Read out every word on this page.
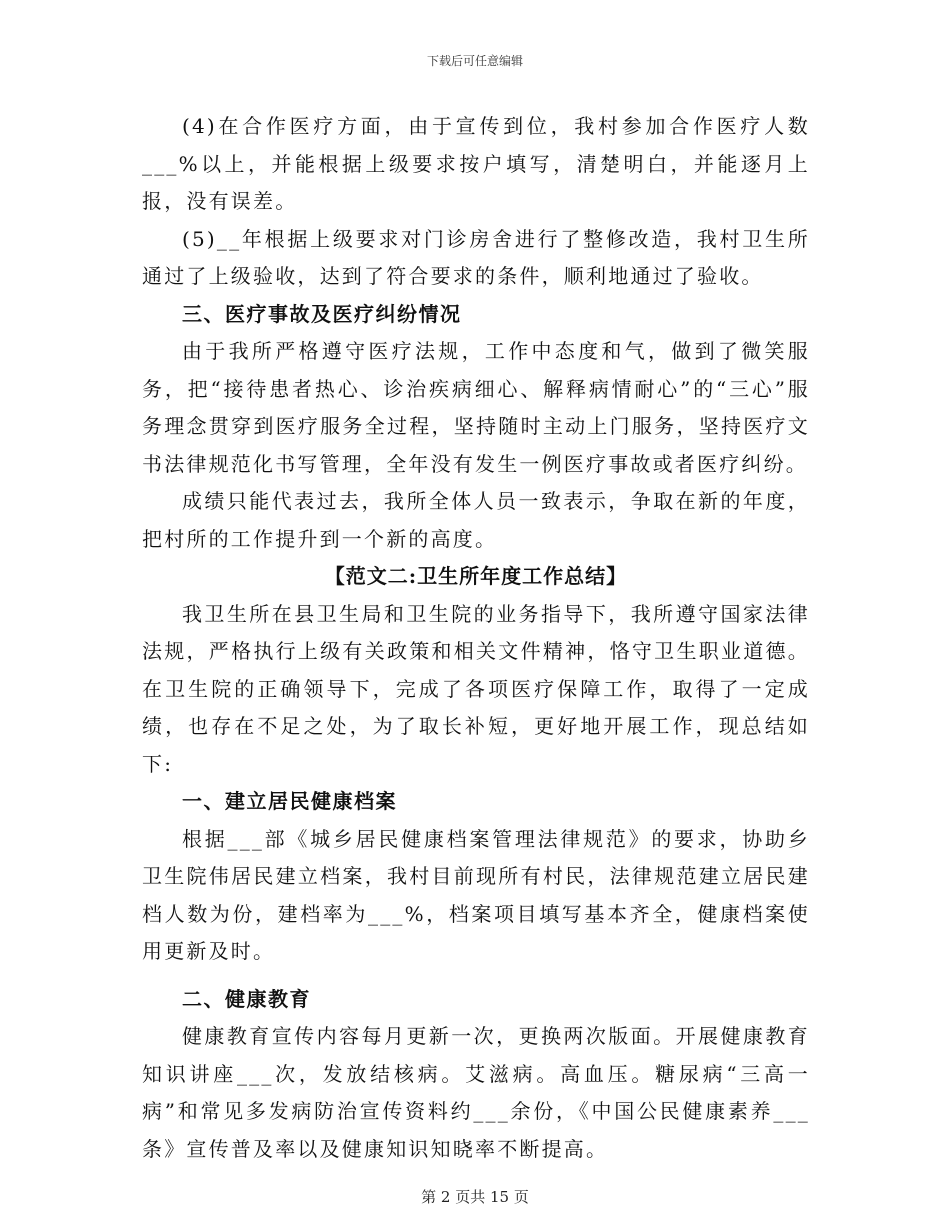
下载后可任意编辑

(4)在合作医疗方面，由于宣传到位，我村参加合作医疗人数___%以上，并能根据上级要求按户填写，清楚明白，并能逐月上报，没有误差。

(5)__年根据上级要求对门诊房舍进行了整修改造，我村卫生所通过了上级验收，达到了符合要求的条件，顺利地通过了验收。

三、医疗事故及医疗纠纷情况

由于我所严格遵守医疗法规，工作中态度和气，做到了微笑服务，把“接待患者热心、诊治疾病细心、解释病情耐心”的“三心”服务理念贯穿到医疗服务全过程，坚持随时主动上门服务，坚持医疗文书法律规范化书写管理，全年没有发生一例医疗事故或者医疗纠纷。

成绩只能代表过去，我所全体人员一致表示，争取在新的年度，把村所的工作提升到一个新的高度。

【范文二:卫生所年度工作总结】

我卫生所在县卫生局和卫生院的业务指导下，我所遵守国家法律法规，严格执行上级有关政策和相关文件精神，恪守卫生职业道德。在卫生院的正确领导下，完成了各项医疗保障工作，取得了一定成绩，也存在不足之处，为了取长补短，更好地开展工作，现总结如下:

一、建立居民健康档案

根据___部《城乡居民健康档案管理法律规范》的要求，协助乡卫生院伟居民建立档案，我村目前现所有村民，法律规范建立居民建档人数为份，建档率为___%，档案项目填写基本齐全，健康档案使用更新及时。

二、健康教育

健康教育宣传内容每月更新一次，更换两次版面。开展健康教育知识讲座___次，发放结核病。艾滋病。高血压。糖尿病“三高一病”和常见多发病防治宣传资料约___余份，《中国公民健康素养___条》宣传普及率以及健康知识知晓率不断提高。

第 2 页共 15 页
